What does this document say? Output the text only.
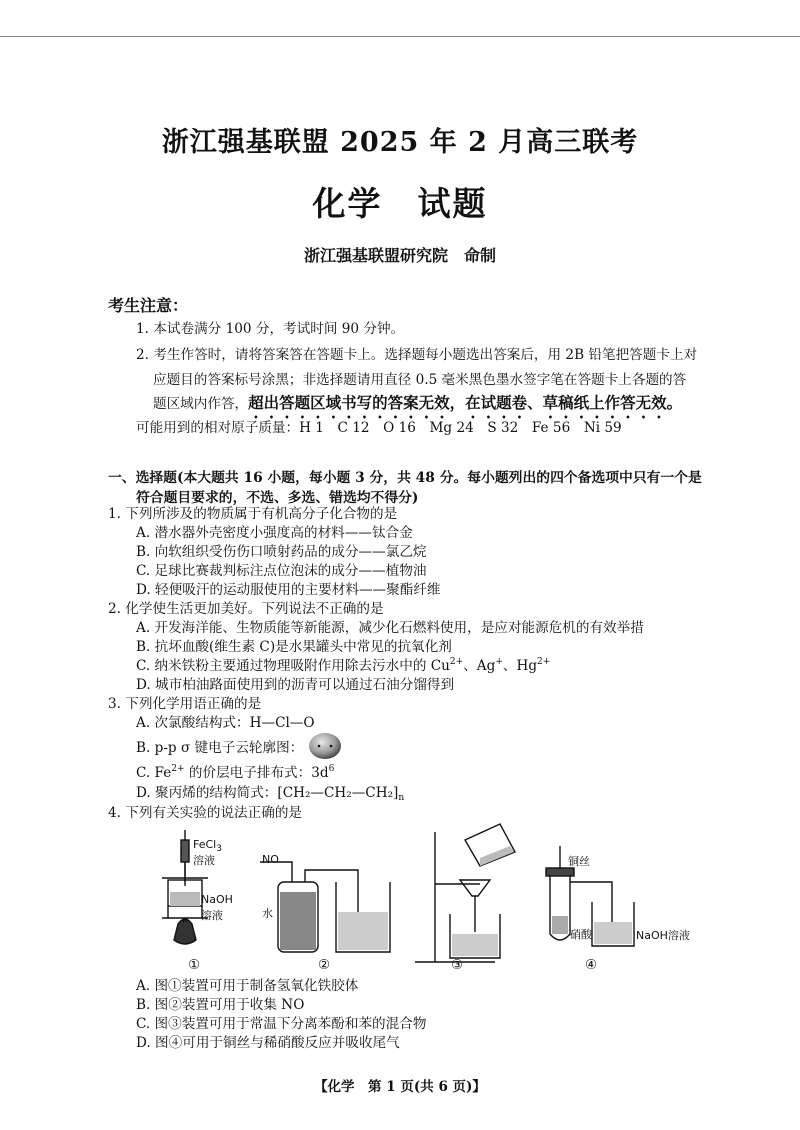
浙江强基联盟 2025 年 2 月高三联考
化学　试题
浙江强基联盟研究院　命制
考生注意：
1. 本试卷满分 100 分，考试时间 90 分钟。
2. 考生作答时，请将答案答在答题卡上。选择题每小题选出答案后，用 2B 铅笔把答题卡上对
应题目的答案标号涂黑；非选择题请用直径 0.5 毫米黑色墨水签字笔在答题卡上各题的答
题区域内作答，超出答题区域书写的答案无效，在试题卷、草稿纸上作答无效。
可能用到的相对原子质量：H 1　C 12　O 16　Mg 24　S 32　Fe 56　Ni 59
一、选择题(本大题共 16 小题，每小题 3 分，共 48 分。每小题列出的四个备选项中只有一个是
符合题目要求的，不选、多选、错选均不得分)
1. 下列所涉及的物质属于有机高分子化合物的是
A. 潜水器外壳密度小强度高的材料——钛合金
B. 向软组织受伤伤口喷射药品的成分——氯乙烷
C. 足球比赛裁判标注点位泡沫的成分——植物油
D. 轻便吸汗的运动服使用的主要材料——聚酯纤维
2. 化学使生活更加美好。下列说法不正确的是
A. 开发海洋能、生物质能等新能源，减少化石燃料使用，是应对能源危机的有效举措
B. 抗坏血酸(维生素 C)是水果罐头中常见的抗氧化剂
C. 纳米铁粉主要通过物理吸附作用除去污水中的 $Cu^{2+}$、Ag+、$Hg^{2+}$
D. 城市柏油路面使用到的沥青可以通过石油分馏得到
3. 下列化学用语正确的是
A. 次氯酸结构式：H—Cl—O
B. p-p σ 键电子云轮廓图：
C. $Fe^{2+}$ 的价层电子排布式：$3d^6$
D. 聚丙烯的结构简式：$[CH_2—CH_2—CH_2]_n$
4. 下列有关实验的说法正确的是
FeCl$_3$
溶液
NaOH
溶液
NO
水
铜丝
硝酸	NaOH溶液
①	②	③	④
A. 图①装置可用于制备氢氧化铁胶体
B. 图②装置可用于收集 NO
C. 图③装置可用于常温下分离苯酚和苯的混合物
D. 图④可用于铜丝与稀硝酸反应并吸收尾气
【化学　第 1 页(共 6 页)】
